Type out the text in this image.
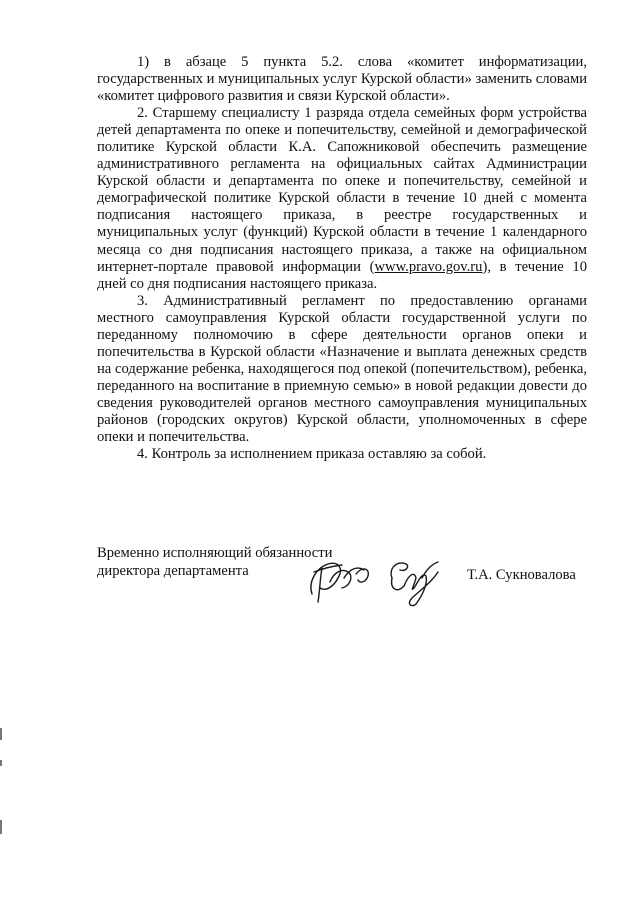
1) в абзаце 5 пункта 5.2. слова «комитет информатизации, государственных и муниципальных услуг Курской области» заменить словами «комитет цифрового развития и связи Курской области».

2. Старшему специалисту 1 разряда отдела семейных форм устройства детей департамента по опеке и попечительству, семейной и демографической политике Курской области К.А. Сапожниковой обеспечить размещение административного регламента на официальных сайтах Администрации Курской области и департамента по опеке и попечительству, семейной и демографической политике Курской области в течение 10 дней с момента подписания настоящего приказа, в реестре государственных и муниципальных услуг (функций) Курской области в течение 1 календарного месяца со дня подписания настоящего приказа, а также на официальном интернет-портале правовой информации (www.pravo.gov.ru), в течение 10 дней со дня подписания настоящего приказа.

3. Административный регламент по предоставлению органами местного самоуправления Курской области государственной услуги по переданному полномочию в сфере деятельности органов опеки и попечительства в Курской области «Назначение и выплата денежных средств на содержание ребенка, находящегося под опекой (попечительством), ребенка, переданного на воспитание в приемную семью» в новой редакции довести до сведения руководителей органов местного самоуправления муниципальных районов (городских округов) Курской области, уполномоченных в сфере опеки и попечительства.

4. Контроль за исполнением приказа оставляю за собой.

Временно исполняющий обязанности
директора департамента	Т.А. Сукновалова
